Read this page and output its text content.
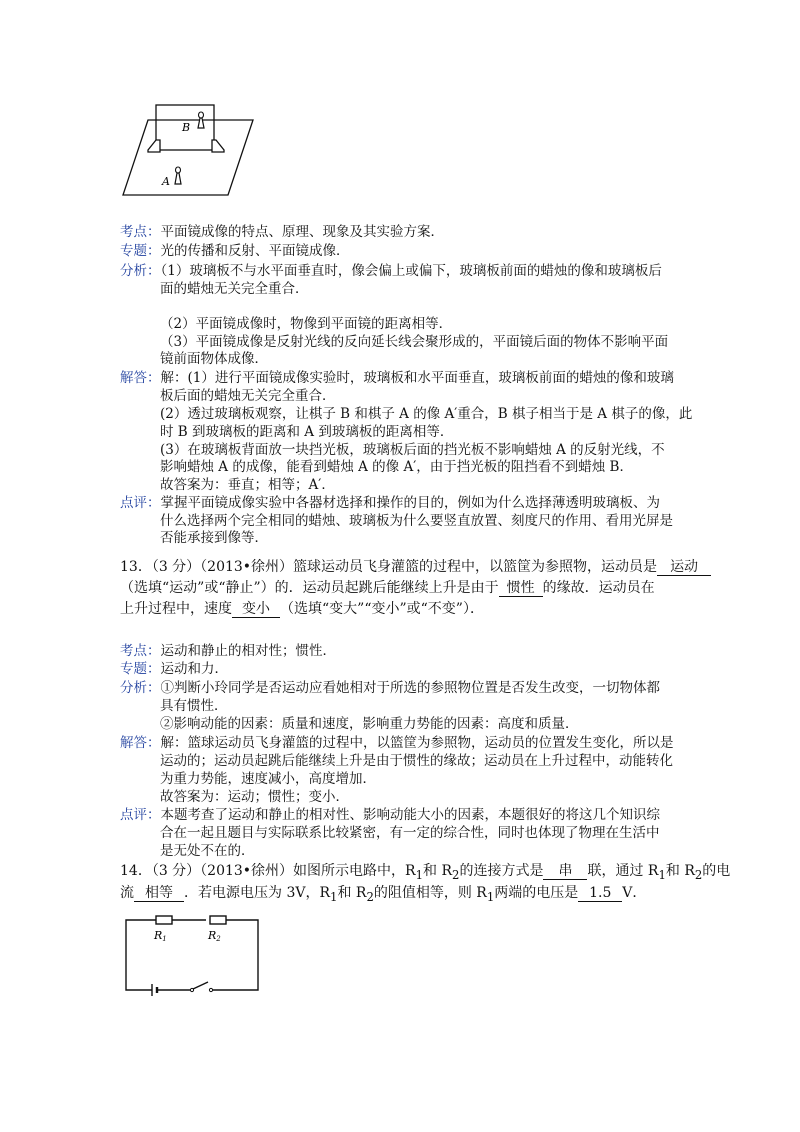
B
A
考点：平面镜成像的特点、原理、现象及其实验方案．
专题：光的传播和反射、平面镜成像．
分析：（1）玻璃板不与水平面垂直时，像会偏上或偏下，玻璃板前面的蜡烛的像和玻璃板后
面的蜡烛无关完全重合．
（2）平面镜成像时，物像到平面镜的距离相等．
（3）平面镜成像是反射光线的反向延长线会聚形成的，平面镜后面的物体不影响平面
镜前面物体成像．
解答：解：(1）进行平面镜成像实验时，玻璃板和水平面垂直，玻璃板前面的蜡烛的像和玻璃
板后面的蜡烛无关完全重合．
(2）透过玻璃板观察，让棋子 B 和棋子 A 的像 A′重合，B 棋子相当于是 A 棋子的像，此
时 B 到玻璃板的距离和 A 到玻璃板的距离相等．
(3）在玻璃板背面放一块挡光板，玻璃板后面的挡光板不影响蜡烛 A 的反射光线，不
影响蜡烛 A 的成像，能看到蜡烛 A 的像 A′，由于挡光板的阻挡看不到蜡烛 B．
故答案为：垂直；相等；A′．
点评：掌握平面镜成像实验中各器材选择和操作的目的，例如为什么选择薄透明玻璃板、为
什么选择两个完全相同的蜡烛、玻璃板为什么要竖直放置、刻度尺的作用、看用光屏是
否能承接到像等．
13．（3 分）（2013•徐州）篮球运动员飞身灌篮的过程中，以篮筐为参照物，运动员是 运动
（选填“运动”或“静止”）的．运动员起跳后能继续上升是由于 惯性 的缘故．运动员在
上升过程中，速度 变小 （选填“变大”“变小”或“不变”）．
考点：运动和静止的相对性；惯性．
专题：运动和力．
分析：①判断小玲同学是否运动应看她相对于所选的参照物位置是否发生改变，一切物体都
具有惯性．
②影响动能的因素：质量和速度，影响重力势能的因素：高度和质量．
解答：解：篮球运动员飞身灌篮的过程中，以篮筐为参照物，运动员的位置发生变化，所以是
运动的；运动员起跳后能继续上升是由于惯性的缘故；运动员在上升过程中，动能转化
为重力势能，速度减小，高度增加．
故答案为：运动；惯性；变小．
点评：本题考查了运动和静止的相对性、影响动能大小的因素，本题很好的将这几个知识综
合在一起且题目与实际联系比较紧密，有一定的综合性，同时也体现了物理在生活中
是无处不在的．
14．（3 分）（2013•徐州）如图所示电路中，$R_1$和 $R_2$的连接方式是 串 联，通过 $R_1$和 $R_2$的电
流 相等 ．若电源电压为 3V，$R_1$和 $R_2$的阻值相等，则 $R_1$两端的电压是 1.5 V．
R1	R2
